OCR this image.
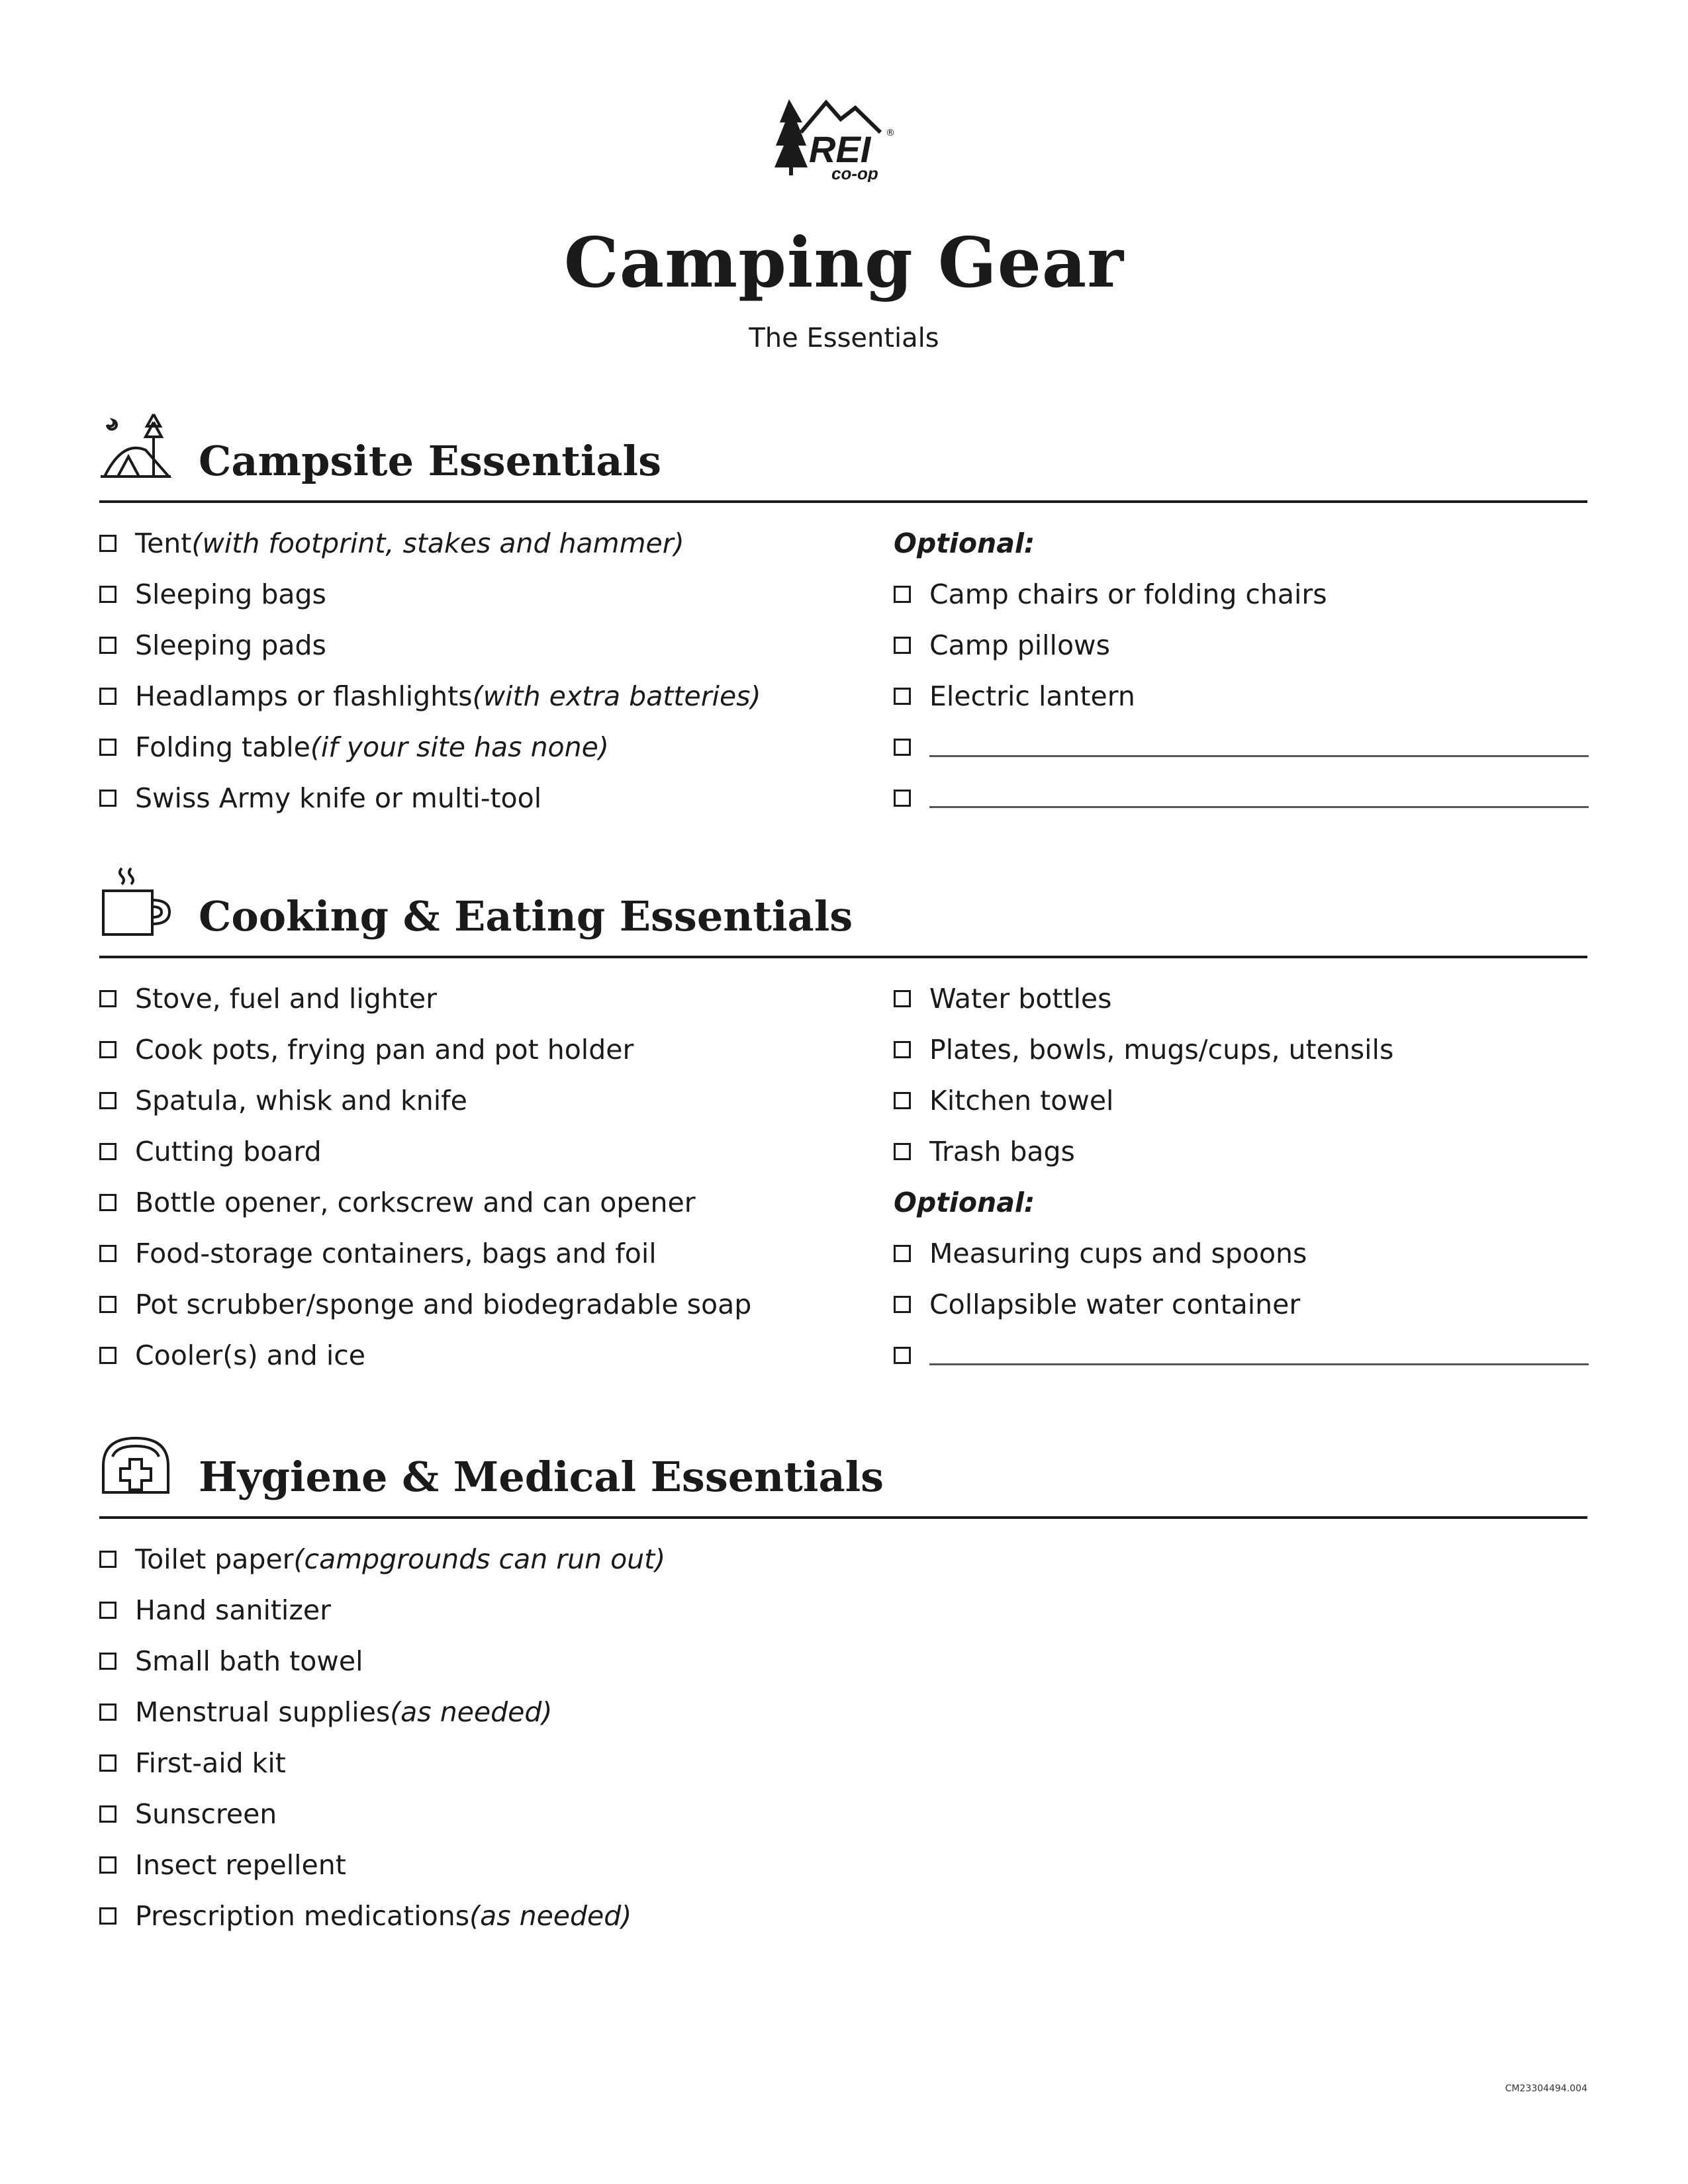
REI ®
co-op
Camping Gear
The Essentials
Campsite Essentials
Tent (with footprint, stakes and hammer)
Sleeping bags
Sleeping pads
Headlamps or flashlights (with extra batteries)
Folding table (if your site has none)
Swiss Army knife or multi-tool
Optional:
Camp chairs or folding chairs
Camp pillows
Electric lantern
Cooking & Eating Essentials
Stove, fuel and lighter
Cook pots, frying pan and pot holder
Spatula, whisk and knife
Cutting board
Bottle opener, corkscrew and can opener
Food-storage containers, bags and foil
Pot scrubber/sponge and biodegradable soap
Cooler(s) and ice
Water bottles
Plates, bowls, mugs/cups, utensils
Kitchen towel
Trash bags
Optional:
Measuring cups and spoons
Collapsible water container
Hygiene & Medical Essentials
Toilet paper (campgrounds can run out)
Hand sanitizer
Small bath towel
Menstrual supplies (as needed)
First-aid kit
Sunscreen
Insect repellent
Prescription medications (as needed)
CM23304494.004
